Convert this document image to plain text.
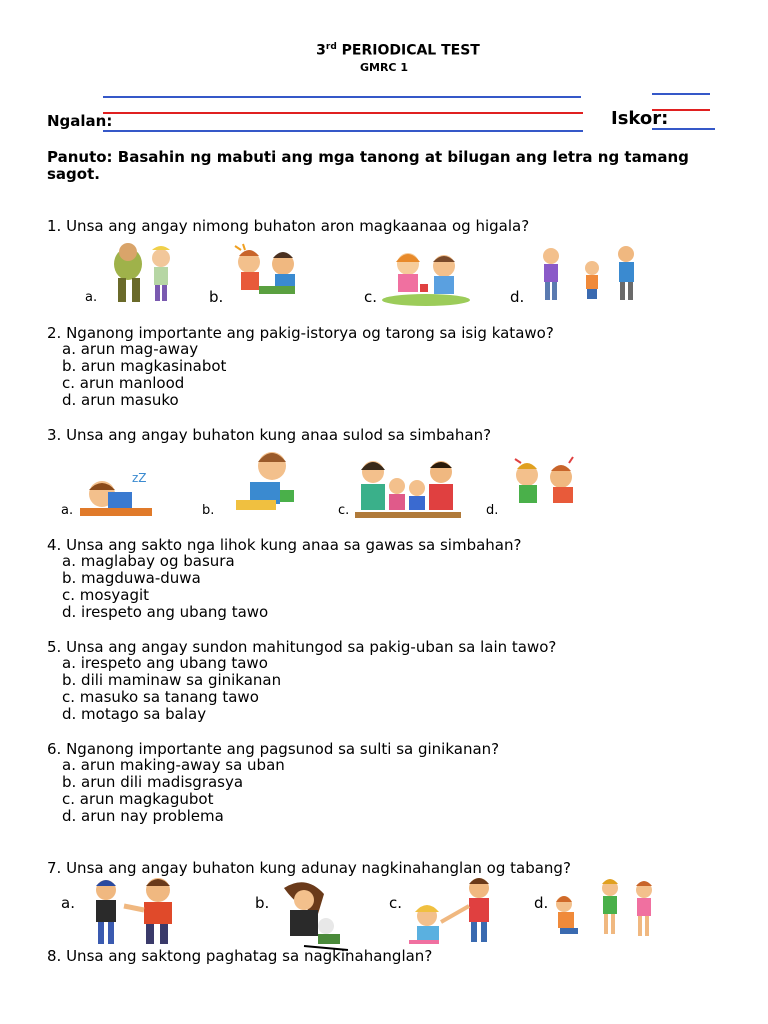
3rd PERIODICAL TEST
GMRC 1
Ngalan:	Iskor:
Panuto: Basahin ng mabuti ang mga tanong at bilugan ang letra ng tamang sagot.
1. Unsa ang angay nimong buhaton aron magkaanaa og higala?
a.	b.	c.	d.
2. Nganong importante ang pakig-istorya og tarong sa isig katawo?
a. arun mag-away
b. arun magkasinabot
c. arun manlood
d. arun masuko
3. Unsa ang angay buhaton kung anaa sulod sa simbahan?
a.	b.	c.	d.
zZ
4. Unsa ang sakto nga lihok kung anaa sa gawas sa simbahan?
a. maglabay og basura
b. magduwa-duwa
c. mosyagit
d. irespeto ang ubang tawo
5. Unsa ang angay sundon mahitungod sa pakig-uban sa lain tawo?
a. irespeto ang ubang tawo
b. dili maminaw sa ginikanan
c. masuko sa tanang tawo
d. motago sa balay
6. Nganong importante ang pagsunod sa sulti sa ginikanan?
a. arun making-away sa uban
b. arun dili madisgrasya
c. arun magkagubot
d. arun nay problema
7. Unsa ang angay buhaton kung adunay nagkinahanglan og tabang?
a.	b.	c.	d.
8. Unsa ang saktong paghatag sa nagkinahanglan?
